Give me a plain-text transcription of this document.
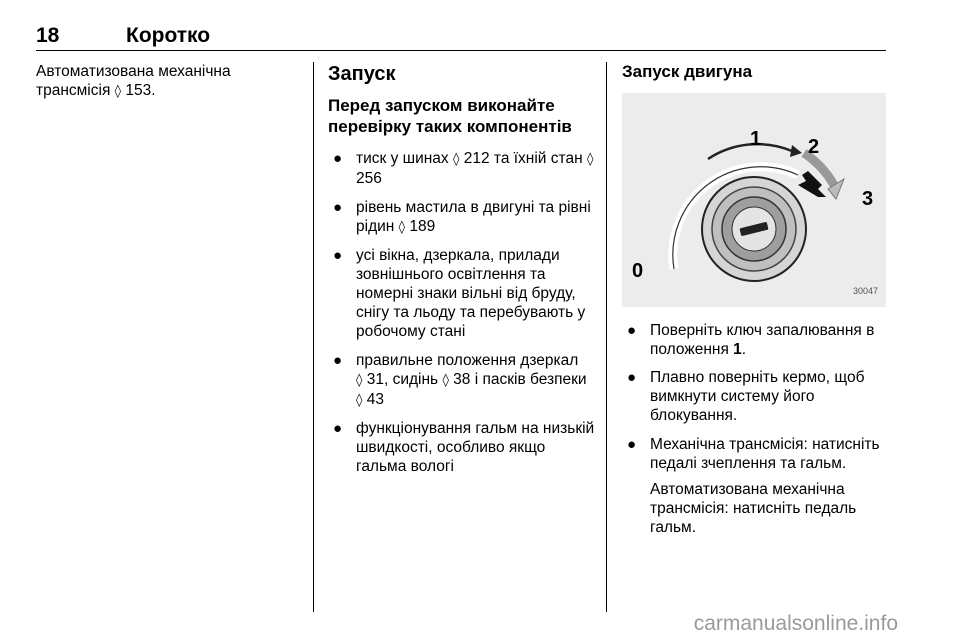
18	Коротко
Автоматизована механічна трансмісія ◊ 153.
Запуск
Перед запуском виконайте перевірку таких компонентів
● тиск у шинах ◊ 212 та їхній стан ◊ 256
● рівень мастила в двигуні та рівні рідин ◊ 189
● усі вікна, дзеркала, прилади зовнішнього освітлення та номерні знаки вільні від бруду, снігу та льоду та перебувають у робочому стані
● правильне положення дзеркал
◊ 31, сидінь ◊ 38 і пасків безпеки ◊ 43
● функціонування гальм на низькій швидкості, особливо якщо гальма вологі
Запуск двигуна
0
1 2
3
30047
● Поверніть ключ запалювання в положення 1.
● Плавно поверніть кермо, щоб вимкнути систему його блокування.
● Механічна трансмісія: натисніть педалі зчеплення та гальм.
Автоматизована механічна трансмісія: натисніть педаль гальм.
carmanualsonline.info
